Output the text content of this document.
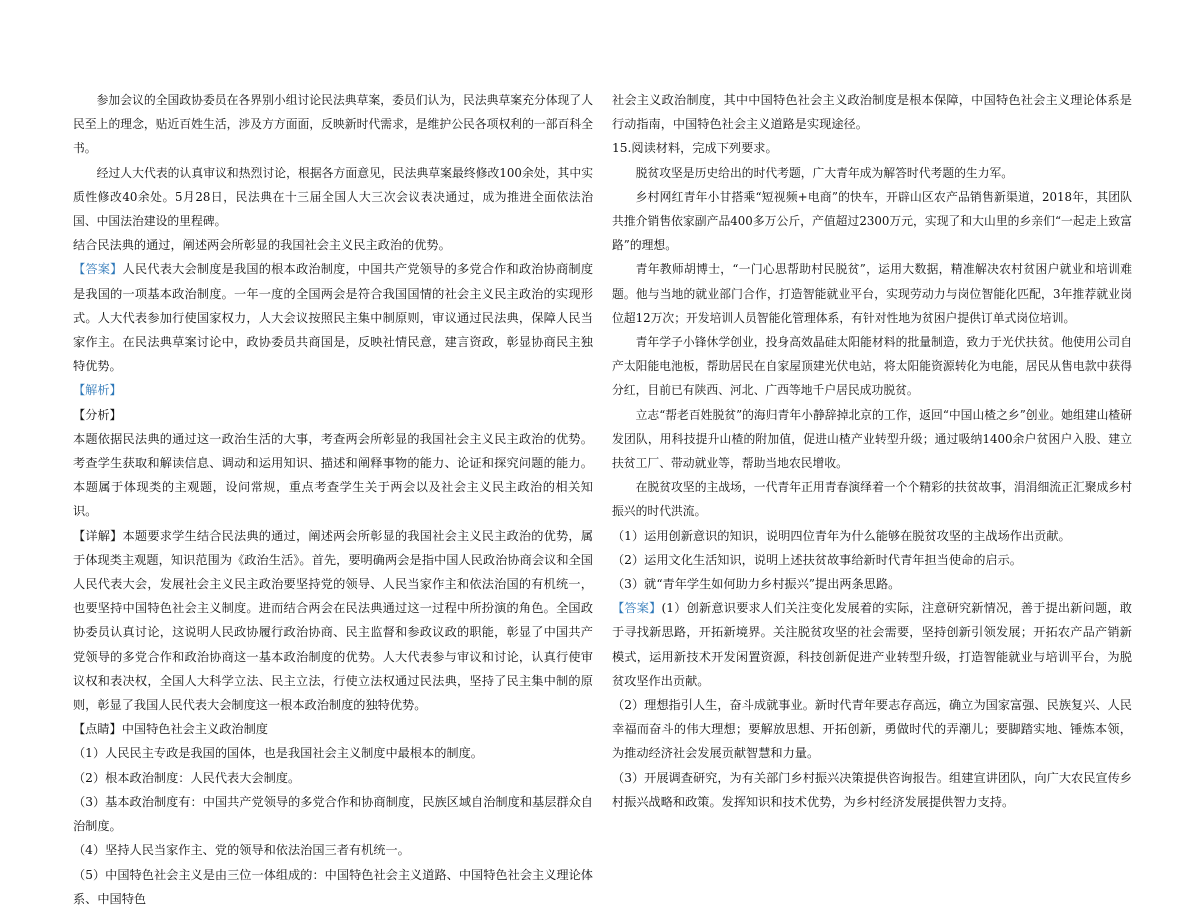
参加会议的全国政协委员在各界别小组讨论民法典草案，委员们认为，民法典草案充分体现了人民至上的理念，贴近百姓生活，涉及方方面面，反映新时代需求，是维护公民各项权利的一部百科全书。

经过人大代表的认真审议和热烈讨论，根据各方面意见，民法典草案最终修改100余处，其中实质性修改40余处。5月28日，民法典在十三届全国人大三次会议表决通过，成为推进全面依法治国、中国法治建设的里程碑。

结合民法典的通过，阐述两会所彰显的我国社会主义民主政治的优势。

【答案】人民代表大会制度是我国的根本政治制度，中国共产党领导的多党合作和政治协商制度是我国的一项基本政治制度。一年一度的全国两会是符合我国国情的社会主义民主政治的实现形式。人大代表参加行使国家权力，人大会议按照民主集中制原则，审议通过民法典，保障人民当家作主。在民法典草案讨论中，政协委员共商国是，反映社情民意，建言资政，彰显协商民主独特优势。

【解析】

【分析】

本题依据民法典的通过这一政治生活的大事，考查两会所彰显的我国社会主义民主政治的优势。考查学生获取和解读信息、调动和运用知识、描述和阐释事物的能力、论证和探究问题的能力。本题属于体现类的主观题，设问常规，重点考查学生关于两会以及社会主义民主政治的相关知识。

【详解】本题要求学生结合民法典的通过，阐述两会所彰显的我国社会主义民主政治的优势，属于体现类主观题，知识范围为《政治生活》。首先，要明确两会是指中国人民政治协商会议和全国人民代表大会，发展社会主义民主政治要坚持党的领导、人民当家作主和依法治国的有机统一，也要坚持中国特色社会主义制度。进而结合两会在民法典通过这一过程中所扮演的角色。全国政协委员认真讨论，这说明人民政协履行政治协商、民主监督和参政议政的职能，彰显了中国共产党领导的多党合作和政治协商这一基本政治制度的优势。人大代表参与审议和讨论，认真行使审议权和表决权，全国人大科学立法、民主立法，行使立法权通过民法典，坚持了民主集中制的原则，彰显了我国人民代表大会制度这一根本政治制度的独特优势。

【点睛】中国特色社会主义政治制度

（1）人民民主专政是我国的国体，也是我国社会主义制度中最根本的制度。

（2）根本政治制度：人民代表大会制度。

（3）基本政治制度有：中国共产党领导的多党合作和协商制度，民族区域自治制度和基层群众自治制度。

（4）坚持人民当家作主、党的领导和依法治国三者有机统一。

（5）中国特色社会主义是由三位一体组成的：中国特色社会主义道路、中国特色社会主义理论体系、中国特色

社会主义政治制度，其中中国特色社会主义政治制度是根本保障，中国特色社会主义理论体系是行动指南，中国特色社会主义道路是实现途径。

15.阅读材料，完成下列要求。

脱贫攻坚是历史给出的时代考题，广大青年成为解答时代考题的生力军。

乡村网红青年小甘搭乘“短视频+电商”的快车，开辟山区农产品销售新渠道，2018年，其团队共推介销售依家副产品400多万公斤，产值超过2300万元，实现了和大山里的乡亲们“一起走上致富路”的理想。

青年教师胡博士，“一门心思帮助村民脱贫”，运用大数据，精准解决农村贫困户就业和培训难题。他与当地的就业部门合作，打造智能就业平台，实现劳动力与岗位智能化匹配，3年推荐就业岗位超12万次；开发培训人员智能化管理体系，有针对性地为贫困户提供订单式岗位培训。

青年学子小锋休学创业，投身高效晶硅太阳能材料的批量制造，致力于光伏扶贫。他使用公司自产太阳能电池板，帮助居民在自家屋顶建光伏电站，将太阳能资源转化为电能，居民从售电款中获得分红，目前已有陕西、河北、广西等地千户居民成功脱贫。

立志“帮老百姓脱贫”的海归青年小静辞掉北京的工作，返回“中国山楂之乡”创业。她组建山楂研发团队，用科技提升山楂的附加值，促进山楂产业转型升级；通过吸纳1400余户贫困户入股、建立扶贫工厂、带动就业等，帮助当地农民增收。

在脱贫攻坚的主战场，一代青年正用青春演绎着一个个精彩的扶贫故事，涓涓细流正汇聚成乡村振兴的时代洪流。

（1）运用创新意识的知识，说明四位青年为什么能够在脱贫攻坚的主战场作出贡献。

（2）运用文化生活知识，说明上述扶贫故事给新时代青年担当使命的启示。

（3）就“青年学生如何助力乡村振兴”提出两条思路。

【答案】(1）创新意识要求人们关注变化发展着的实际，注意研究新情况，善于提出新问题，敢于寻找新思路，开拓新境界。关注脱贫攻坚的社会需要，坚持创新引领发展；开拓农产品产销新模式，运用新技术开发闲置资源，科技创新促进产业转型升级，打造智能就业与培训平台，为脱贫攻坚作出贡献。

（2）理想指引人生，奋斗成就事业。新时代青年要志存高远，确立为国家富强、民族复兴、人民幸福而奋斗的伟大理想；要解放思想、开拓创新，勇做时代的弄潮儿；要脚踏实地、锤炼本领，为推动经济社会发展贡献智慧和力量。

（3）开展调查研究，为有关部门乡村振兴决策提供咨询报告。组建宣讲团队，向广大农民宣传乡村振兴战略和政策。发挥知识和技术优势，为乡村经济发展提供智力支持。
